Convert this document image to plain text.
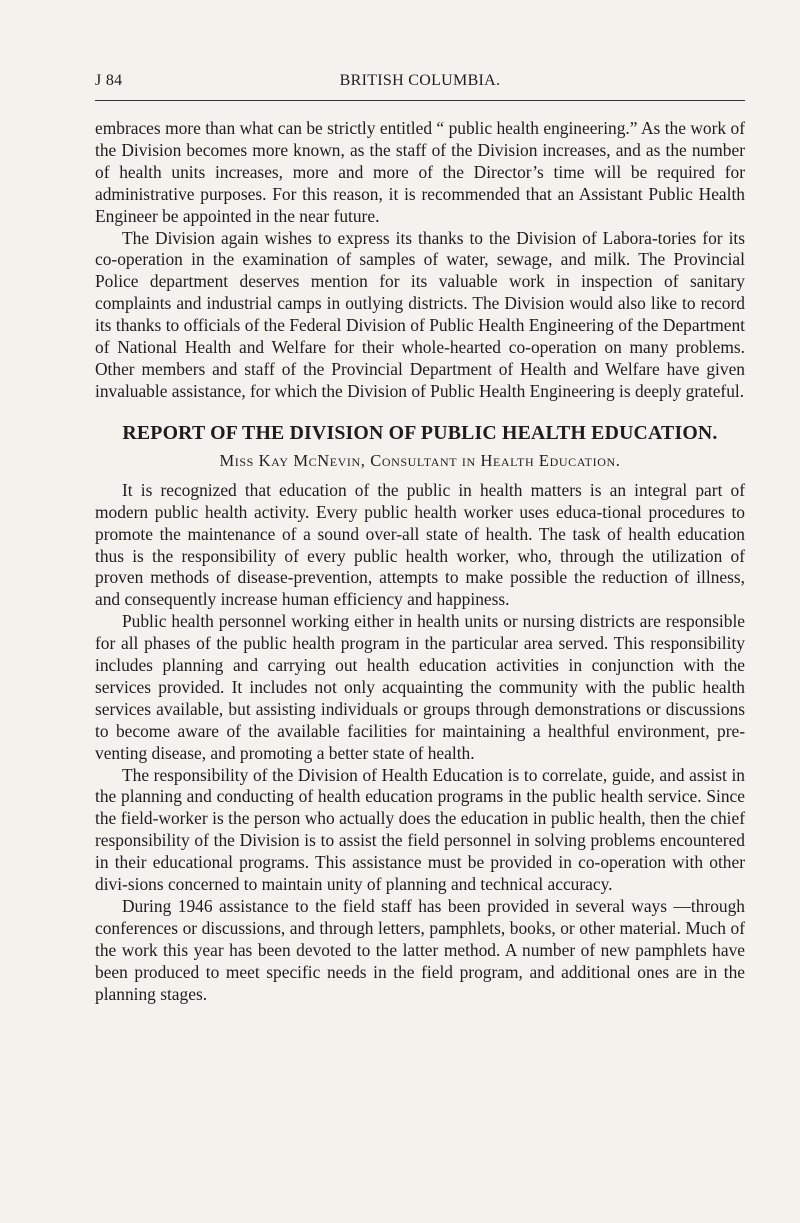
J 84	BRITISH COLUMBIA.

embraces more than what can be strictly entitled “ public health engineering.” As the work of the Division becomes more known, as the staff of the Division increases, and as the number of health units increases, more and more of the Director’s time will be required for administrative purposes. For this reason, it is recommended that an Assistant Public Health Engineer be appointed in the near future.

The Division again wishes to express its thanks to the Division of Labora-tories for its co-operation in the examination of samples of water, sewage, and milk. The Provincial Police department deserves mention for its valuable work in inspection of sanitary complaints and industrial camps in outlying districts. The Division would also like to record its thanks to officials of the Federal Division of Public Health Engineering of the Department of National Health and Welfare for their whole-hearted co-operation on many problems. Other members and staff of the Provincial Department of Health and Welfare have given invaluable assistance, for which the Division of Public Health Engineering is deeply grateful.

REPORT OF THE DIVISION OF PUBLIC HEALTH EDUCATION.
Miss Kay McNevin, Consultant in Health Education.

It is recognized that education of the public in health matters is an integral part of modern public health activity. Every public health worker uses educa-tional procedures to promote the maintenance of a sound over-all state of health. The task of health education thus is the responsibility of every public health worker, who, through the utilization of proven methods of disease-prevention, attempts to make possible the reduction of illness, and consequently increase human efficiency and happiness.

Public health personnel working either in health units or nursing districts are responsible for all phases of the public health program in the particular area served. This responsibility includes planning and carrying out health education activities in conjunction with the services provided. It includes not only acquainting the community with the public health services available, but assisting individuals or groups through demonstrations or discussions to become aware of the available facilities for maintaining a healthful environment, pre-venting disease, and promoting a better state of health.

The responsibility of the Division of Health Education is to correlate, guide, and assist in the planning and conducting of health education programs in the public health service. Since the field-worker is the person who actually does the education in public health, then the chief responsibility of the Division is to assist the field personnel in solving problems encountered in their educational programs. This assistance must be provided in co-operation with other divi-sions concerned to maintain unity of planning and technical accuracy.

During 1946 assistance to the field staff has been provided in several ways —through conferences or discussions, and through letters, pamphlets, books, or other material. Much of the work this year has been devoted to the latter method. A number of new pamphlets have been produced to meet specific needs in the field program, and additional ones are in the planning stages.
